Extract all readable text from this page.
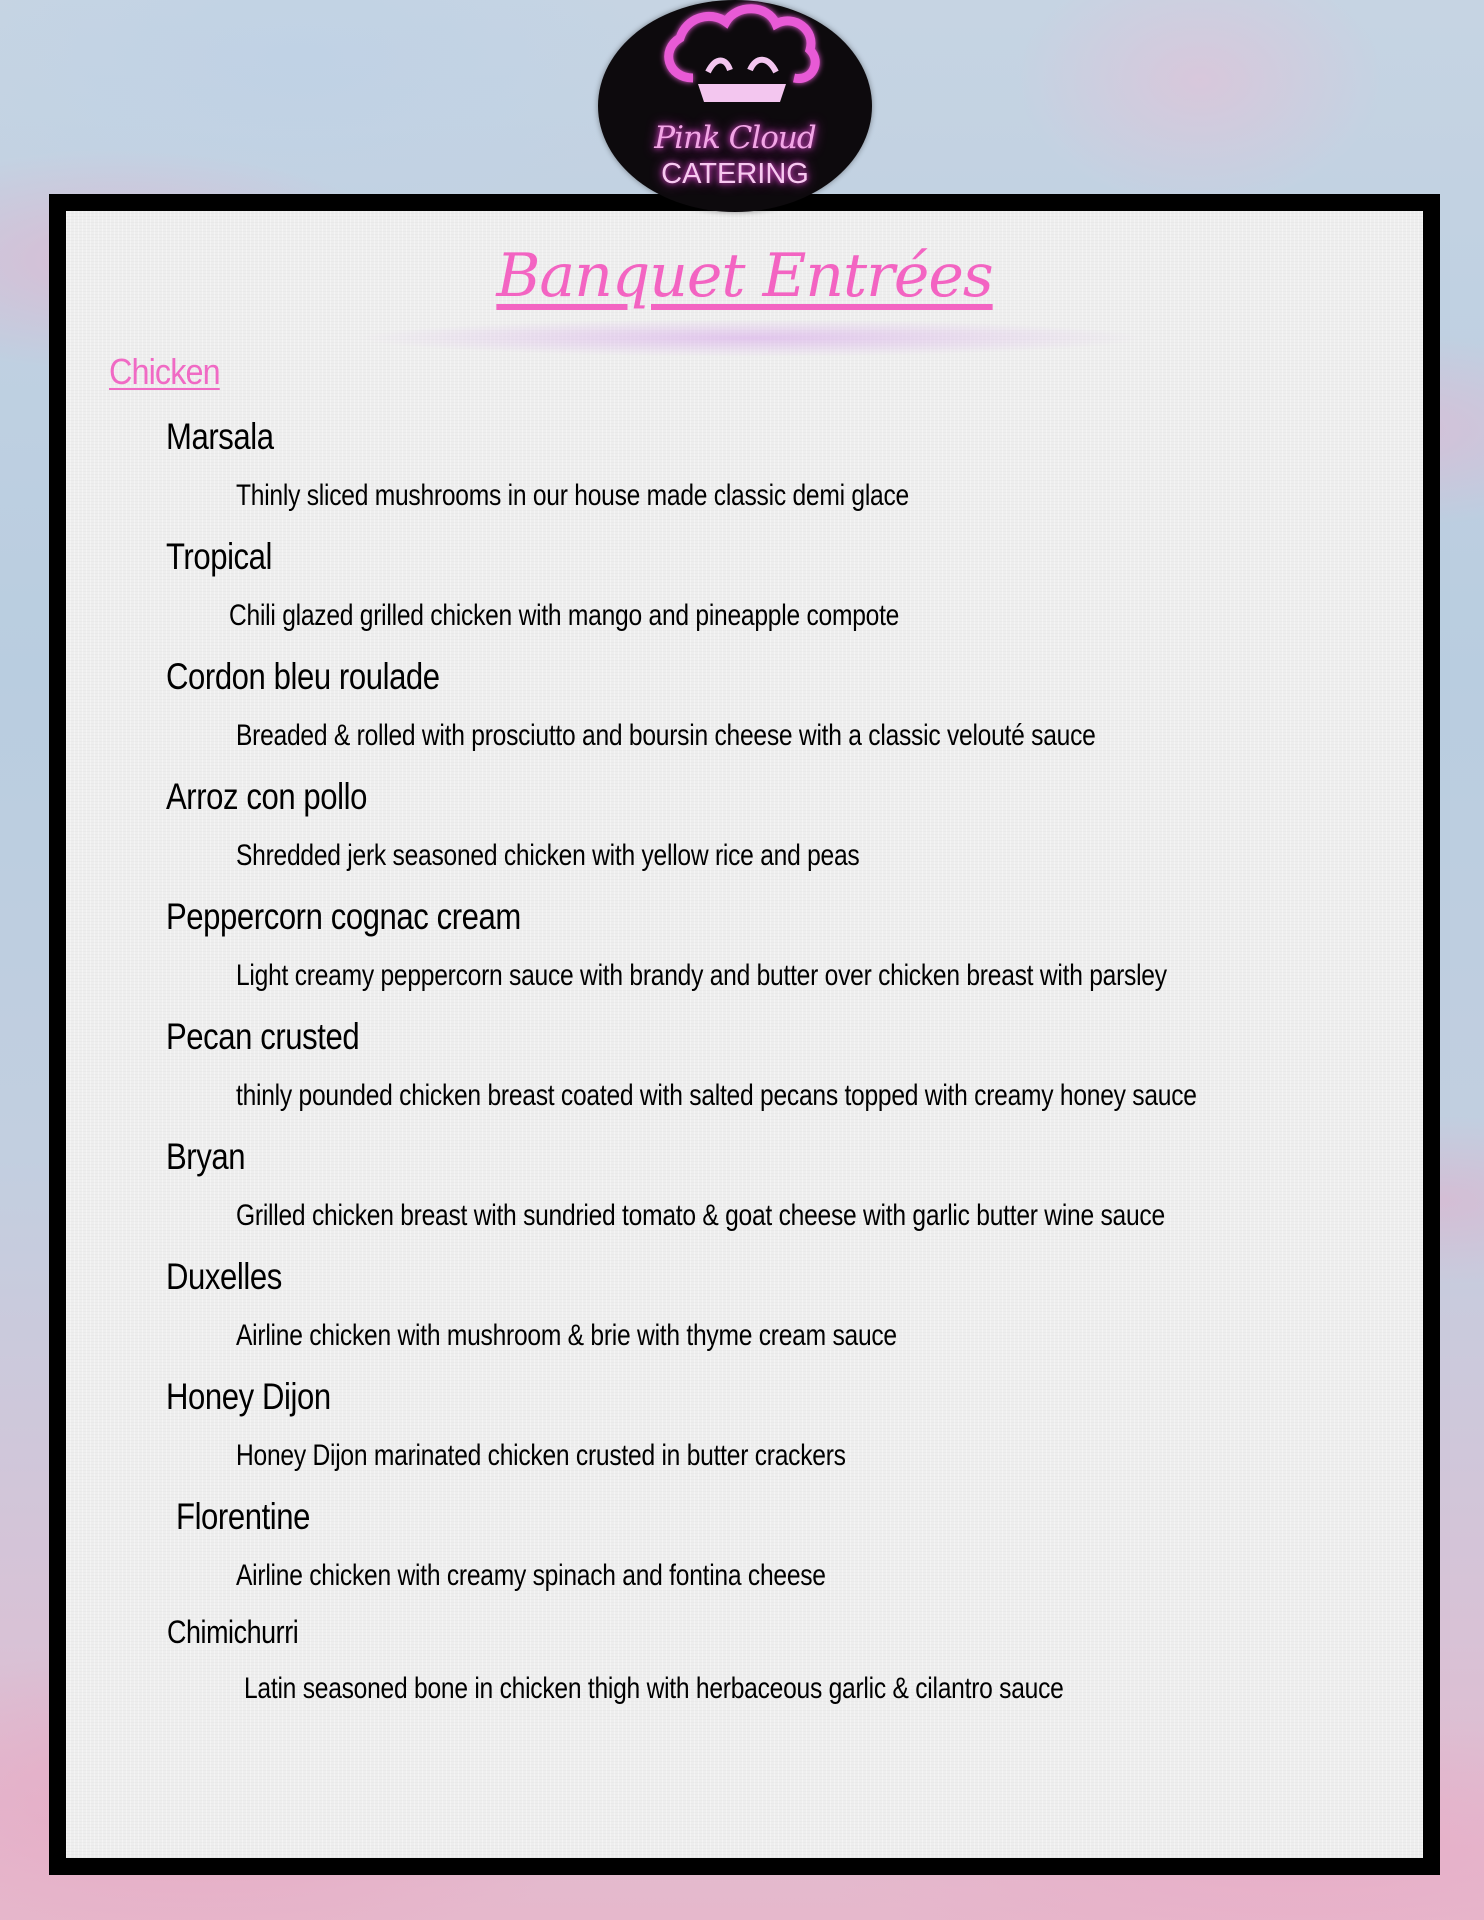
Pink Cloud
CATERING
Banquet Entrées
Chicken
Marsala
Thinly sliced mushrooms in our house made classic demi glace
Tropical
Chili glazed grilled chicken with mango and pineapple compote
Cordon bleu roulade
Breaded & rolled with prosciutto and boursin cheese with a classic velouté sauce
Arroz con pollo
Shredded jerk seasoned chicken with yellow rice and peas
Peppercorn cognac cream
Light creamy peppercorn sauce with brandy and butter over chicken breast with parsley
Pecan crusted
thinly pounded chicken breast coated with salted pecans topped with creamy honey sauce
Bryan
Grilled chicken breast with sundried tomato & goat cheese with garlic butter wine sauce
Duxelles
Airline chicken with mushroom & brie with thyme cream sauce
Honey Dijon
Honey Dijon marinated chicken crusted in butter crackers
Florentine
Airline chicken with creamy spinach and fontina cheese
Chimichurri
Latin seasoned bone in chicken thigh with herbaceous garlic & cilantro sauce
